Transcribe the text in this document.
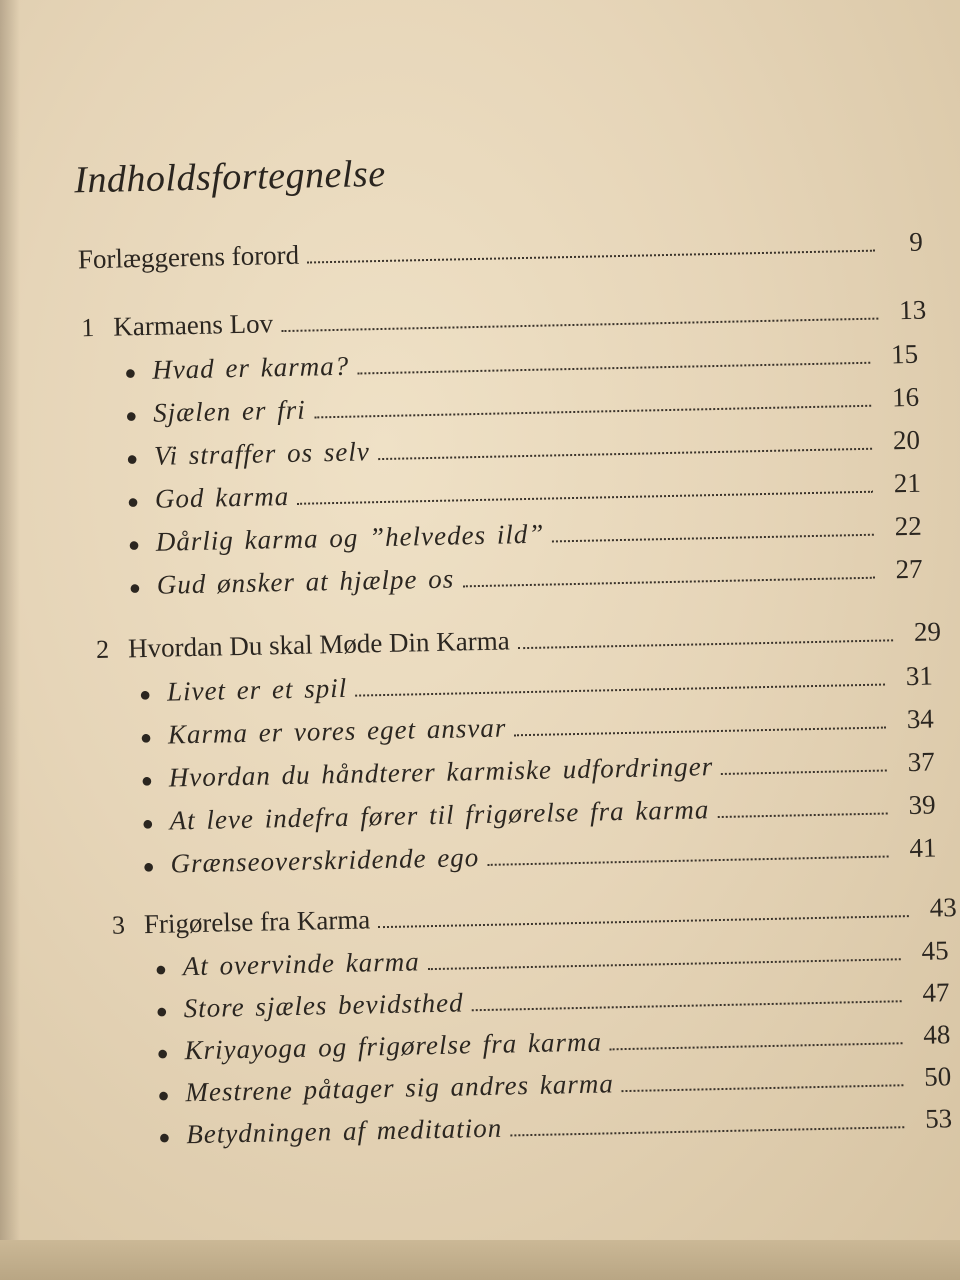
Indholdsfortegnelse
Forlæggerens forord	9
1 Karmaens Lov	13
● Hvad er karma?	15
● Sjælen er fri	16
● Vi straffer os selv	20
● God karma	21
● Dårlig karma og ”helvedes ild”	22
● Gud ønsker at hjælpe os	27
2 Hvordan Du skal Møde Din Karma	29
● Livet er et spil	31
● Karma er vores eget ansvar	34
● Hvordan du håndterer karmiske udfordringer	37
● At leve indefra fører til frigørelse fra karma	39
● Grænseoverskridende ego	41
3 Frigørelse fra Karma	43
● At overvinde karma	45
● Store sjæles bevidsthed	47
● Kriyayoga og frigørelse fra karma	48
● Mestrene påtager sig andres karma	50
● Betydningen af meditation	53
